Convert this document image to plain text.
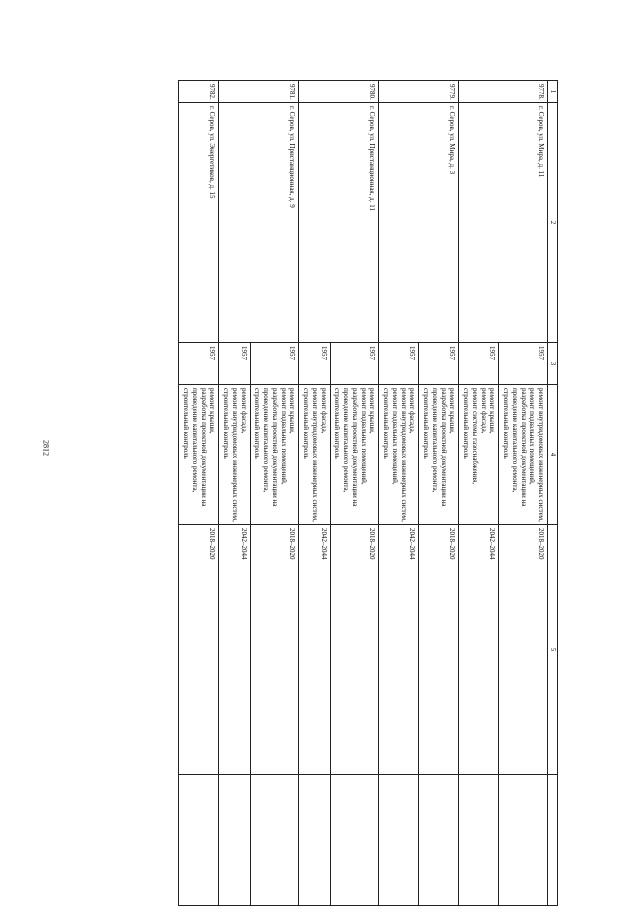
2812
1	2	3	4	5	
9778.	г. Серов, ул. Мира, д. 11	1957	ремонт внутридомовых инженерных систем,
ремонт подвальных помещений,
разработка проектной документации на
проведение капитального ремонта,
строительный контроль	2018–2020	
		1957	ремонт крыши,
ремонт фасада,
ремонт системы газоснабжения,
строительный контроль	2042–2044	
9779.	г. Серов, ул. Мира, д. 3	1957	ремонт крыши,
разработка проектной документации на
проведение капитального ремонта,
строительный контроль	2018–2020	
		1957	ремонт фасада,
ремонт внутридомовых инженерных систем,
ремонт подвальных помещений,
строительный контроль	2042–2044	
9780.	г. Серов, ул. Пристанционная, д. 11	1957	ремонт крыши,
ремонт подвальных помещений,
разработка проектной документации на
проведение капитального ремонта,
строительный контроль	2018–2020	
		1957	ремонт фасада,
ремонт внутридомовых инженерных систем,
строительный контроль	2042–2044	
9781.	г. Серов, ул. Пристанционная, д. 9	1957	ремонт крыши,
ремонт подвальных помещений,
разработка проектной документации на
проведение капитального ремонта,
строительный контроль	2018–2020	
		1957	ремонт фасада,
ремонт внутридомовых инженерных систем,
строительный контроль	2042–2044	
9782.	г. Серов, ул. Энергетиков, д. 15	1957	ремонт крыши,
разработка проектной документации на
проведение капитального ремонта,
строительный контроль	2018–2020	
